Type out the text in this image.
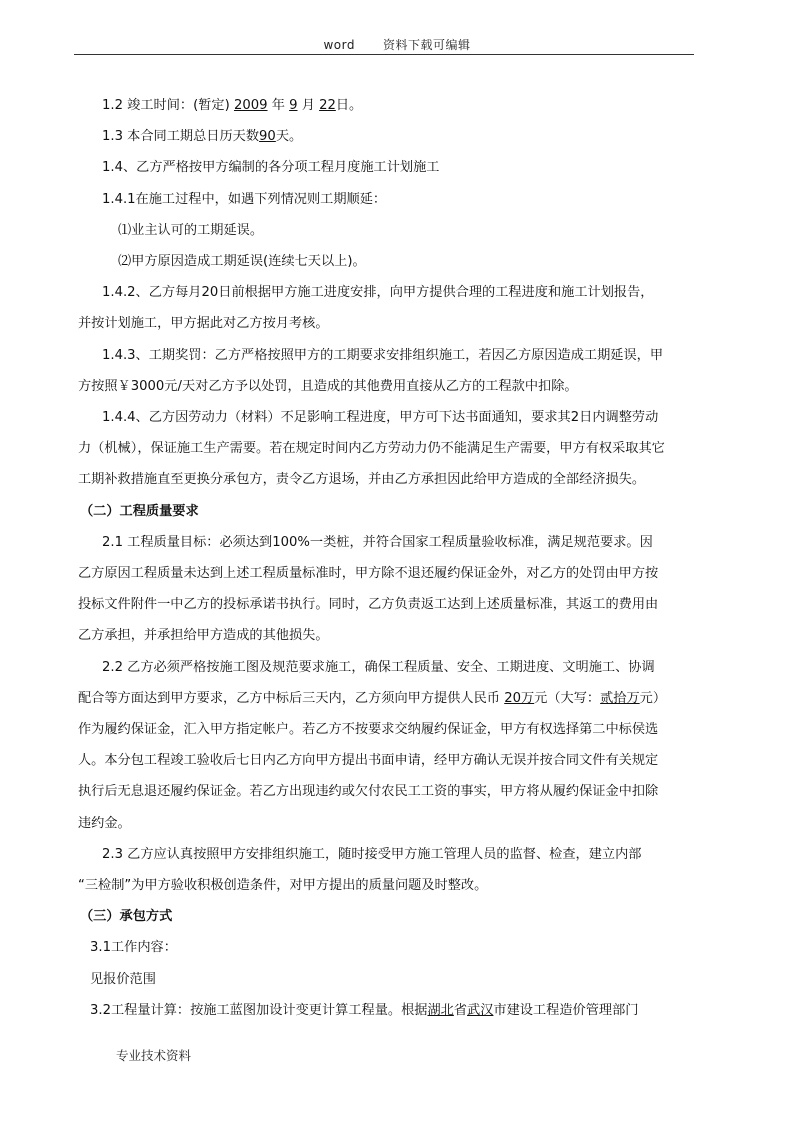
word 资料下载可编辑

1.2 竣工时间：(暂定) 2009 年 9 月 22日。

1.3 本合同工期总日历天数90天。

1.4、乙方严格按甲方编制的各分项工程月度施工计划施工

1.4.1在施工过程中，如遇下列情况则工期顺延：

⑴业主认可的工期延误。

⑵甲方原因造成工期延误(连续七天以上)。

1.4.2、乙方每月20日前根据甲方施工进度安排，向甲方提供合理的工程进度和施工计划报告，

并按计划施工，甲方据此对乙方按月考核。

1.4.3、工期奖罚：乙方严格按照甲方的工期要求安排组织施工，若因乙方原因造成工期延误，甲

方按照￥3000元/天对乙方予以处罚，且造成的其他费用直接从乙方的工程款中扣除。

1.4.4、乙方因劳动力（材料）不足影响工程进度，甲方可下达书面通知，要求其2日内调整劳动

力（机械），保证施工生产需要。若在规定时间内乙方劳动力仍不能满足生产需要，甲方有权采取其它

工期补救措施直至更换分承包方，责令乙方退场，并由乙方承担因此给甲方造成的全部经济损失。

（二）工程质量要求

2.1 工程质量目标：必须达到100%一类桩，并符合国家工程质量验收标准，满足规范要求。因

乙方原因工程质量未达到上述工程质量标准时，甲方除不退还履约保证金外，对乙方的处罚由甲方按

投标文件附件一中乙方的投标承诺书执行。同时，乙方负责返工达到上述质量标准，其返工的费用由

乙方承担，并承担给甲方造成的其他损失。

2.2 乙方必须严格按施工图及规范要求施工，确保工程质量、安全、工期进度、文明施工、协调

配合等方面达到甲方要求，乙方中标后三天内，乙方须向甲方提供人民币 20万元（大写：贰拾万元）

作为履约保证金，汇入甲方指定帐户。若乙方不按要求交纳履约保证金，甲方有权选择第二中标侯选

人。本分包工程竣工验收后七日内乙方向甲方提出书面申请，经甲方确认无误并按合同文件有关规定

执行后无息退还履约保证金。若乙方出现违约或欠付农民工工资的事实，甲方将从履约保证金中扣除

违约金。

2.3 乙方应认真按照甲方安排组织施工，随时接受甲方施工管理人员的监督、检查，建立内部

“三检制”为甲方验收积极创造条件，对甲方提出的质量问题及时整改。

（三）承包方式

3.1工作内容：

见报价范围

3.2工程量计算：按施工蓝图加设计变更计算工程量。根据湖北省武汉市建设工程造价管理部门

专业技术资料
